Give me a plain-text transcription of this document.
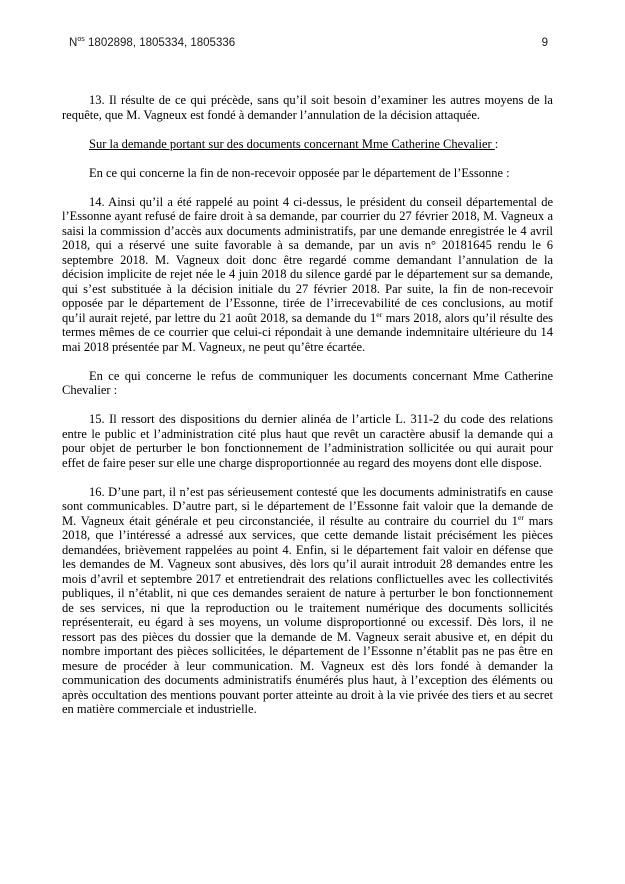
$N^{os}$ 1802898, 1805334, 1805336	9

13. Il résulte de ce qui précède, sans qu’il soit besoin d’examiner les autres moyens de la requête, que M. Vagneux est fondé à demander l’annulation de la décision attaquée.

Sur la demande portant sur des documents concernant Mme Catherine Chevalier :

En ce qui concerne la fin de non-recevoir opposée par le département de l’Essonne :

14. Ainsi qu’il a été rappelé au point 4 ci-dessus, le président du conseil départemental de l’Essonne ayant refusé de faire droit à sa demande, par courrier du 27 février 2018, M. Vagneux a saisi la commission d’accès aux documents administratifs, par une demande enregistrée le 4 avril 2018, qui a réservé une suite favorable à sa demande, par un avis n° 20181645 rendu le 6 septembre 2018. M. Vagneux doit donc être regardé comme demandant l’annulation de la décision implicite de rejet née le 4 juin 2018 du silence gardé par le département sur sa demande, qui s’est substituée à la décision initiale du 27 février 2018. Par suite, la fin de non-recevoir opposée par le département de l’Essonne, tirée de l’irrecevabilité de ces conclusions, au motif qu’il aurait rejeté, par lettre du 21 août 2018, sa demande du 1er mars 2018, alors qu’il résulte des termes mêmes de ce courrier que celui-ci répondait à une demande indemnitaire ultérieure du 14 mai 2018 présentée par M. Vagneux, ne peut qu’être écartée.

En ce qui concerne le refus de communiquer les documents concernant Mme Catherine Chevalier :

15. Il ressort des dispositions du dernier alinéa de l’article L. 311-2 du code des relations entre le public et l’administration cité plus haut que revêt un caractère abusif la demande qui a pour objet de perturber le bon fonctionnement de l’administration sollicitée ou qui aurait pour effet de faire peser sur elle une charge disproportionnée au regard des moyens dont elle dispose.

16. D’une part, il n’est pas sérieusement contesté que les documents administratifs en cause sont communicables. D’autre part, si le département de l’Essonne fait valoir que la demande de M. Vagneux était générale et peu circonstanciée, il résulte au contraire du courriel du 1er mars 2018, que l’intéressé a adressé aux services, que cette demande listait précisément les pièces demandées, brièvement rappelées au point 4. Enfin, si le département fait valoir en défense que les demandes de M. Vagneux sont abusives, dès lors qu’il aurait introduit 28 demandes entre les mois d’avril et septembre 2017 et entretiendrait des relations conflictuelles avec les collectivités publiques, il n’établit, ni que ces demandes seraient de nature à perturber le bon fonctionnement de ses services, ni que la reproduction ou le traitement numérique des documents sollicités représenterait, eu égard à ses moyens, un volume disproportionné ou excessif. Dès lors, il ne ressort pas des pièces du dossier que la demande de M. Vagneux serait abusive et, en dépit du nombre important des pièces sollicitées, le département de l’Essonne n’établit pas ne pas être en mesure de procéder à leur communication. M. Vagneux est dès lors fondé à demander la communication des documents administratifs énumérés plus haut, à l’exception des éléments ou après occultation des mentions pouvant porter atteinte au droit à la vie privée des tiers et au secret en matière commerciale et industrielle.
